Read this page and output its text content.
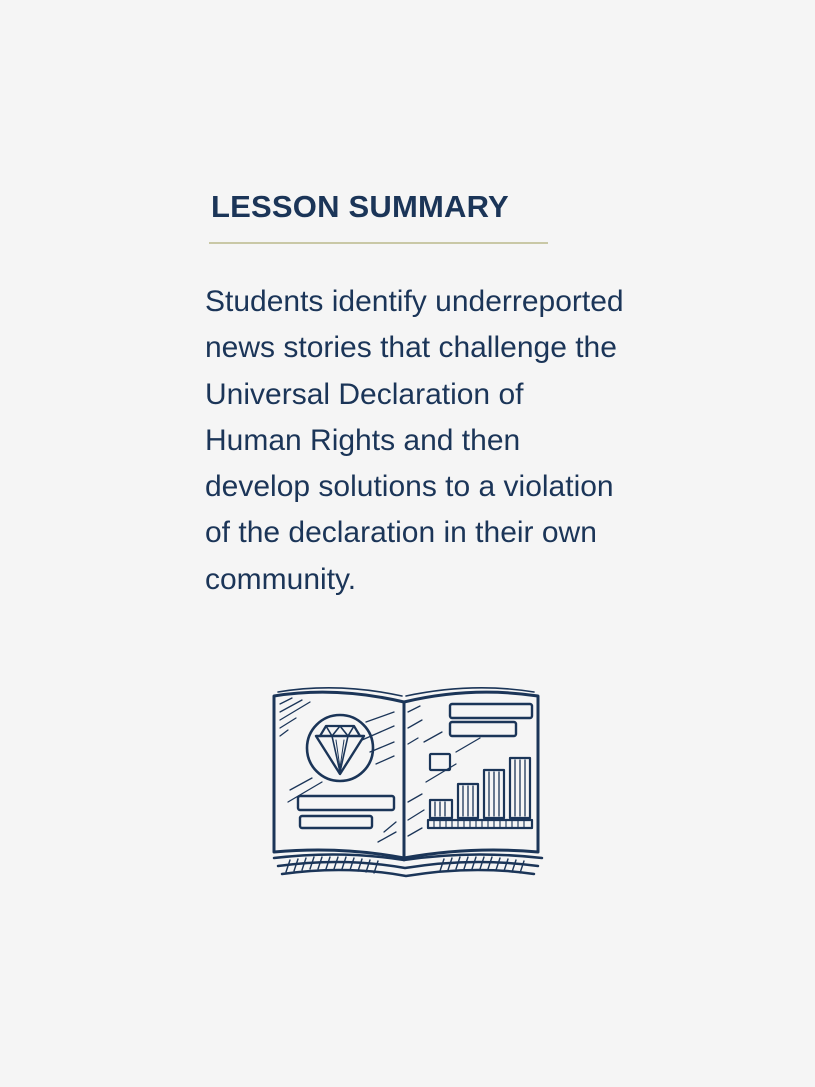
LESSON SUMMARY

Students identify underreported news stories that challenge the Universal Declaration of Human Rights and then develop solutions to a violation of the declaration in their own community.
